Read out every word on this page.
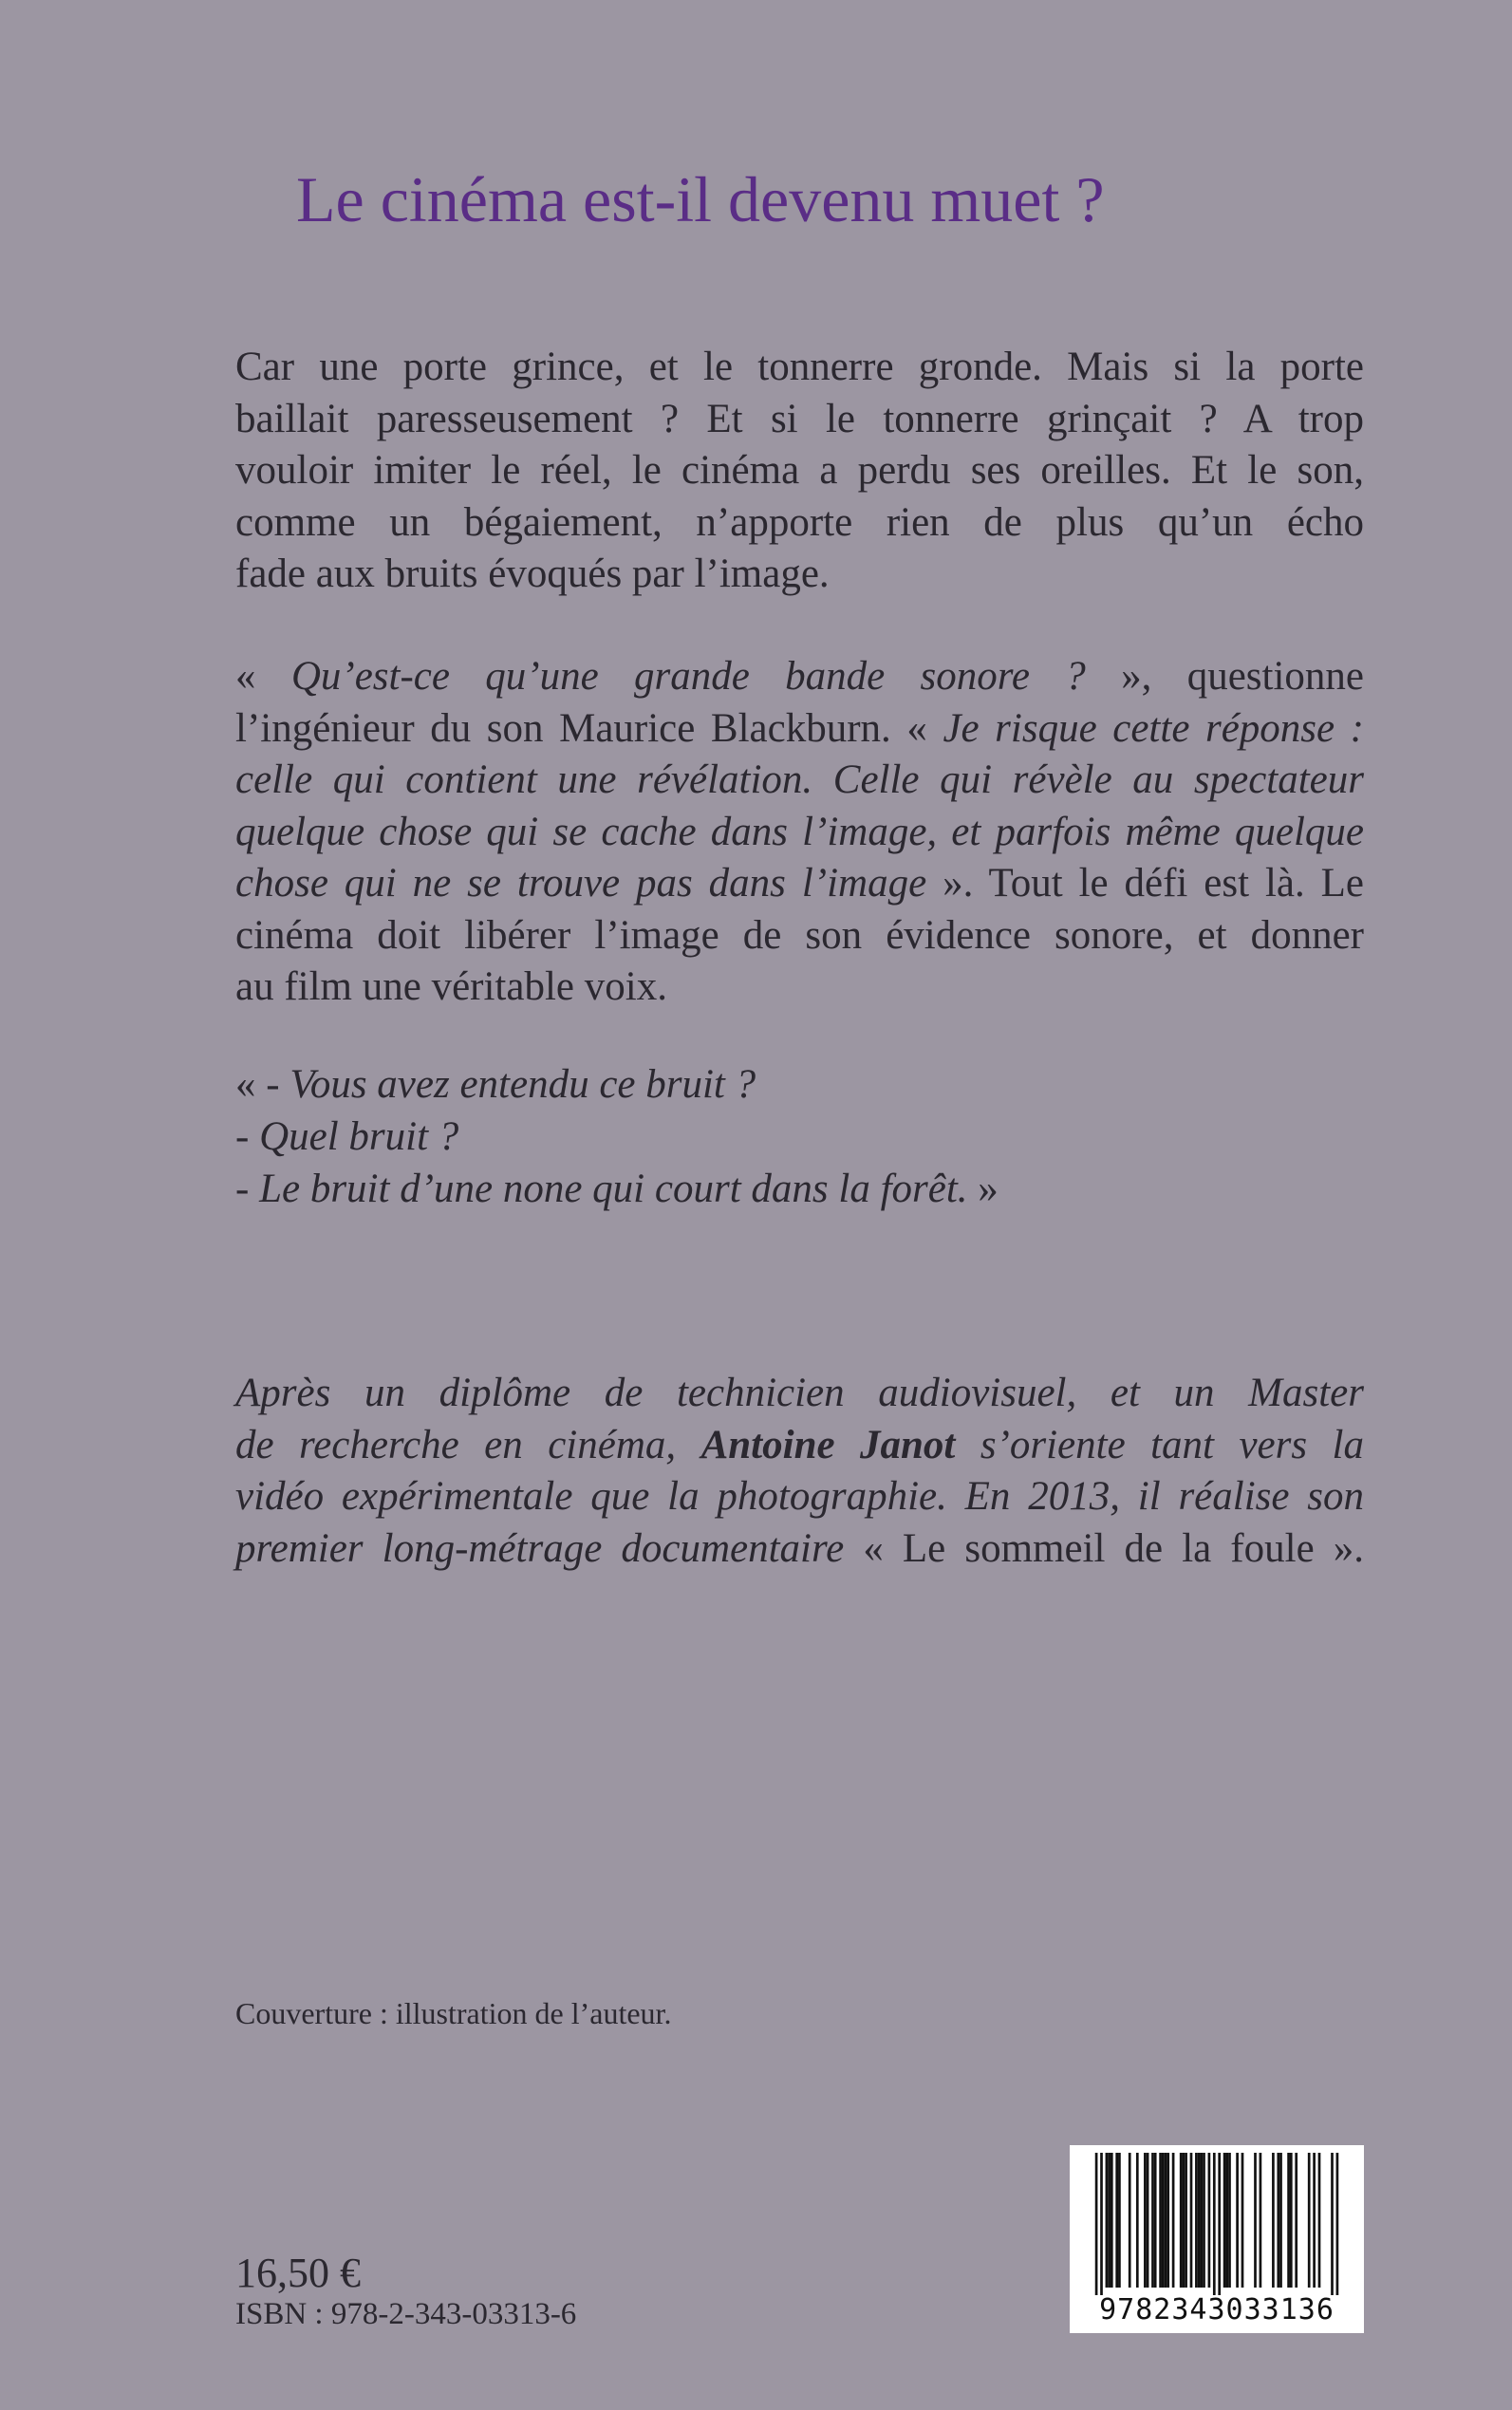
Le cinéma est-il devenu muet ?

Car une porte grince, et le tonnerre gronde. Mais si la porte
baillait paresseusement ? Et si le tonnerre grinçait ? A trop
vouloir imiter le réel, le cinéma a perdu ses oreilles. Et le son,
comme un bégaiement, n’apporte rien de plus qu’un écho
fade aux bruits évoqués par l’image.

« Qu’est-ce qu’une grande bande sonore ? », questionne
l’ingénieur du son Maurice Blackburn. « Je risque cette réponse :
celle qui contient une révélation. Celle qui révèle au spectateur
quelque chose qui se cache dans l’image, et parfois même quelque
chose qui ne se trouve pas dans l’image ». Tout le défi est là. Le
cinéma doit libérer l’image de son évidence sonore, et donner
au film une véritable voix.

« - Vous avez entendu ce bruit ?
- Quel bruit ?
- Le bruit d’une none qui court dans la forêt. »

Après un diplôme de technicien audiovisuel, et un Master
de recherche en cinéma, Antoine Janot s’oriente tant vers la
vidéo expérimentale que la photographie. En 2013, il réalise son
premier long-métrage documentaire « Le sommeil de la foule ».

Couverture : illustration de l’auteur.

16,50 €

ISBN : 978-2-343-03313-6	9782343033136
